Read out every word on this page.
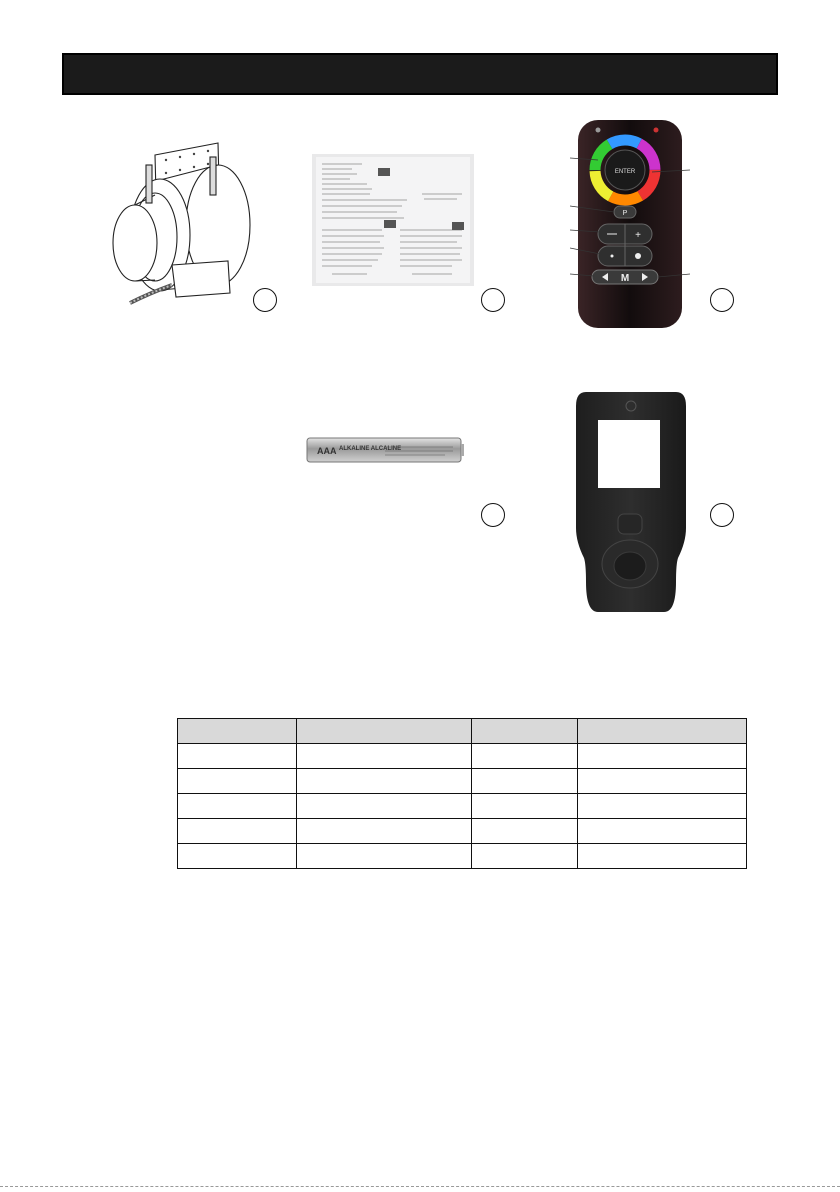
ENTER
P
+
M
AAA ALKALINE ALCALINE
